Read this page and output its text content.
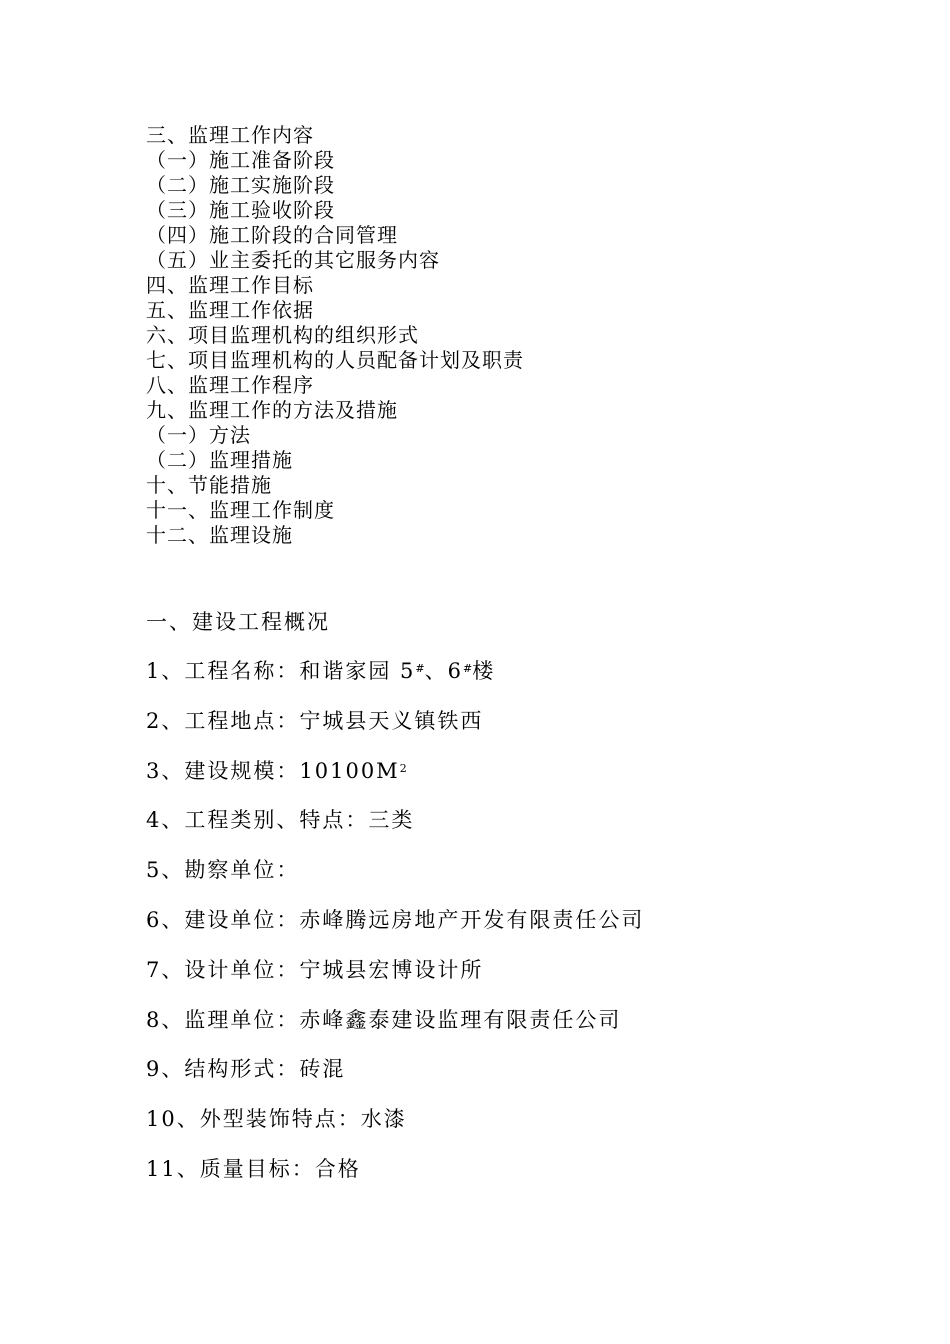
三、监理工作内容
（一）施工准备阶段
（二）施工实施阶段
（三）施工验收阶段
（四）施工阶段的合同管理
（五）业主委托的其它服务内容
四、监理工作目标
五、监理工作依据
六、项目监理机构的组织形式
七、项目监理机构的人员配备计划及职责
八、监理工作程序
九、监理工作的方法及措施
（一）方法
（二）监理措施
十、节能措施
十一、监理工作制度
十二、监理设施
一、建设工程概况
1、工程名称：和谐家园 5#、6#楼
2、工程地点：宁城县天义镇铁西
3、建设规模：$10100M^2$
4、工程类别、特点：三类
5、勘察单位：
6、建设单位：赤峰腾远房地产开发有限责任公司
7、设计单位：宁城县宏博设计所
8、监理单位：赤峰鑫泰建设监理有限责任公司
9、结构形式：砖混
10、外型装饰特点：水漆
11、质量目标：合格
